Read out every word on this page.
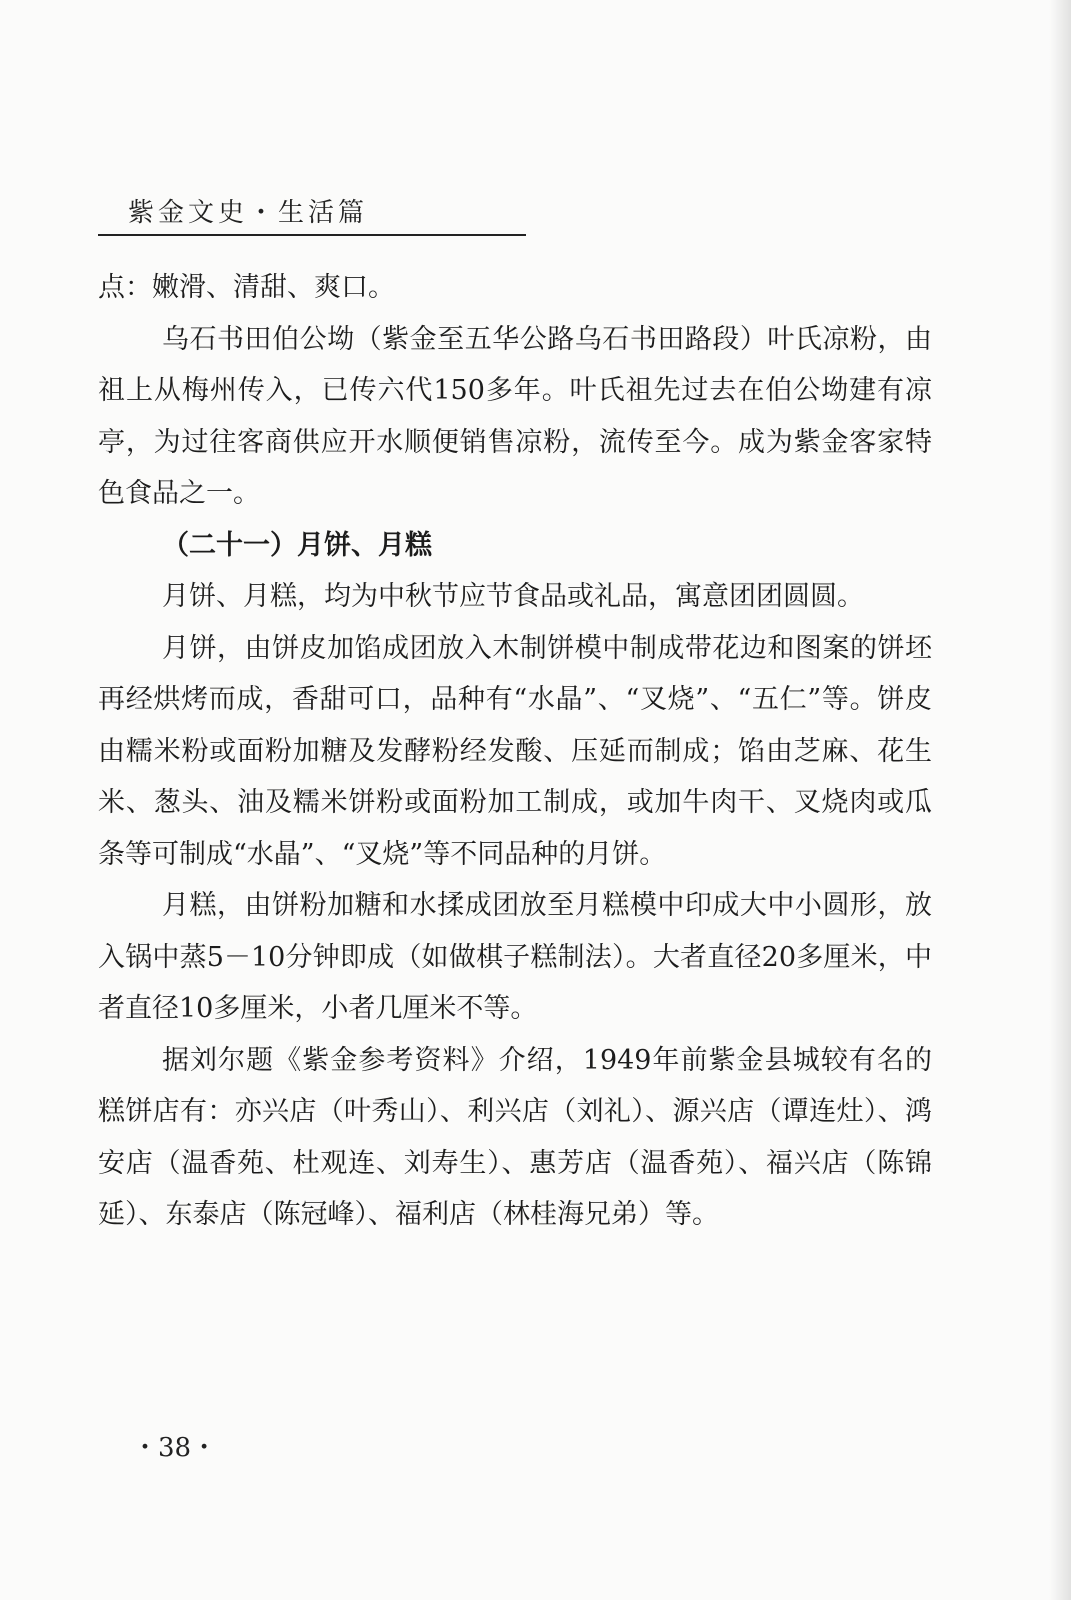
紫金文史・生活篇

点：嫩滑、清甜、爽口。

乌石书田伯公坳（紫金至五华公路乌石书田路段）叶氏凉粉，由祖上从梅州传入，已传六代150多年。叶氏祖先过去在伯公坳建有凉亭，为过往客商供应开水顺便销售凉粉，流传至今。成为紫金客家特色食品之一。

（二十一）月饼、月糕

月饼、月糕，均为中秋节应节食品或礼品，寓意团团圆圆。

月饼，由饼皮加馅成团放入木制饼模中制成带花边和图案的饼坯再经烘烤而成，香甜可口，品种有“水晶”、“叉烧”、“五仁”等。饼皮由糯米粉或面粉加糖及发酵粉经发酸、压延而制成；馅由芝麻、花生米、葱头、油及糯米饼粉或面粉加工制成，或加牛肉干、叉烧肉或瓜条等可制成“水晶”、“叉烧”等不同品种的月饼。

月糕，由饼粉加糖和水揉成团放至月糕模中印成大中小圆形，放入锅中蒸5－10分钟即成（如做棋子糕制法）。大者直径20多厘米，中者直径10多厘米，小者几厘米不等。

据刘尔题《紫金参考资料》介绍，1949年前紫金县城较有名的糕饼店有：亦兴店（叶秀山）、利兴店（刘礼）、源兴店（谭连灶）、鸿安店（温香苑、杜观连、刘寿生）、惠芳店（温香苑）、福兴店（陈锦延）、东泰店（陈冠峰）、福利店（林桂海兄弟）等。

・38・
